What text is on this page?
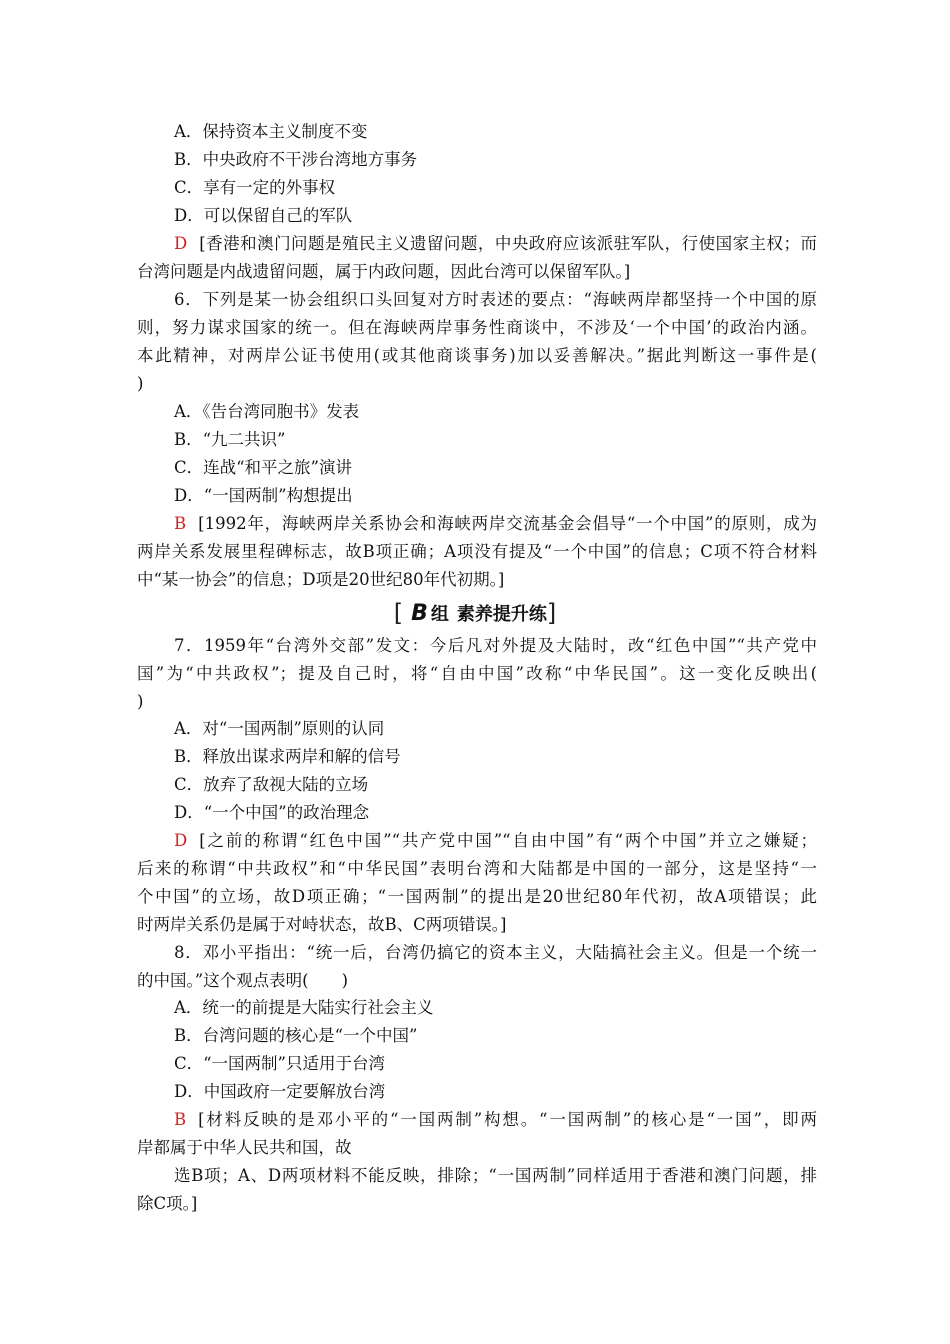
A．保持资本主义制度不变
B．中央政府不干涉台湾地方事务
C．享有一定的外事权
D．可以保留自己的军队
D [香港和澳门问题是殖民主义遗留问题，中央政府应该派驻军队，行使国家主权；而
台湾问题是内战遗留问题，属于内政问题，因此台湾可以保留军队。]
6．下列是某一协会组织口头回复对方时表述的要点：“海峡两岸都坚持一个中国的原
则，努力谋求国家的统一。但在海峡两岸事务性商谈中，不涉及‘一个中国’的政治内涵。
本此精神，对两岸公证书使用(或其他商谈事务)加以妥善解决。”据此判断这一事件是(
)
A．《告台湾同胞书》发表
B．“九二共识”
C．连战“和平之旅”演讲
D．“一国两制”构想提出
B [1992年，海峡两岸关系协会和海峡两岸交流基金会倡导“一个中国”的原则，成为
两岸关系发展里程碑标志，故B项正确；A项没有提及“一个中国”的信息；C项不符合材料
中“某一协会”的信息；D项是20世纪80年代初期。]
[ B 组 素养提升练 ]
7．1959年“台湾外交部”发文：今后凡对外提及大陆时，改“红色中国”“共产党中
国”为“中共政权”；提及自己时，将“自由中国”改称“中华民国”。这一变化反映出(
)
A．对“一国两制”原则的认同
B．释放出谋求两岸和解的信号
C．放弃了敌视大陆的立场
D．“一个中国”的政治理念
D [之前的称谓“红色中国”“共产党中国”“自由中国”有“两个中国”并立之嫌疑；
后来的称谓“中共政权”和“中华民国”表明台湾和大陆都是中国的一部分，这是坚持“一
个中国”的立场，故D项正确；“一国两制”的提出是20世纪80年代初，故A项错误；此
时两岸关系仍是属于对峙状态，故B、C两项错误。]
8．邓小平指出：“统一后，台湾仍搞它的资本主义，大陆搞社会主义。但是一个统一
的中国。”这个观点表明(　　)
A．统一的前提是大陆实行社会主义
B．台湾问题的核心是“一个中国”
C．“一国两制”只适用于台湾
D．中国政府一定要解放台湾
B [材料反映的是邓小平的“一国两制”构想。“一国两制”的核心是“一国”，即两
岸都属于中华人民共和国，故
选B项；A、D两项材料不能反映，排除；“一国两制”同样适用于香港和澳门问题，排
除C项。]
